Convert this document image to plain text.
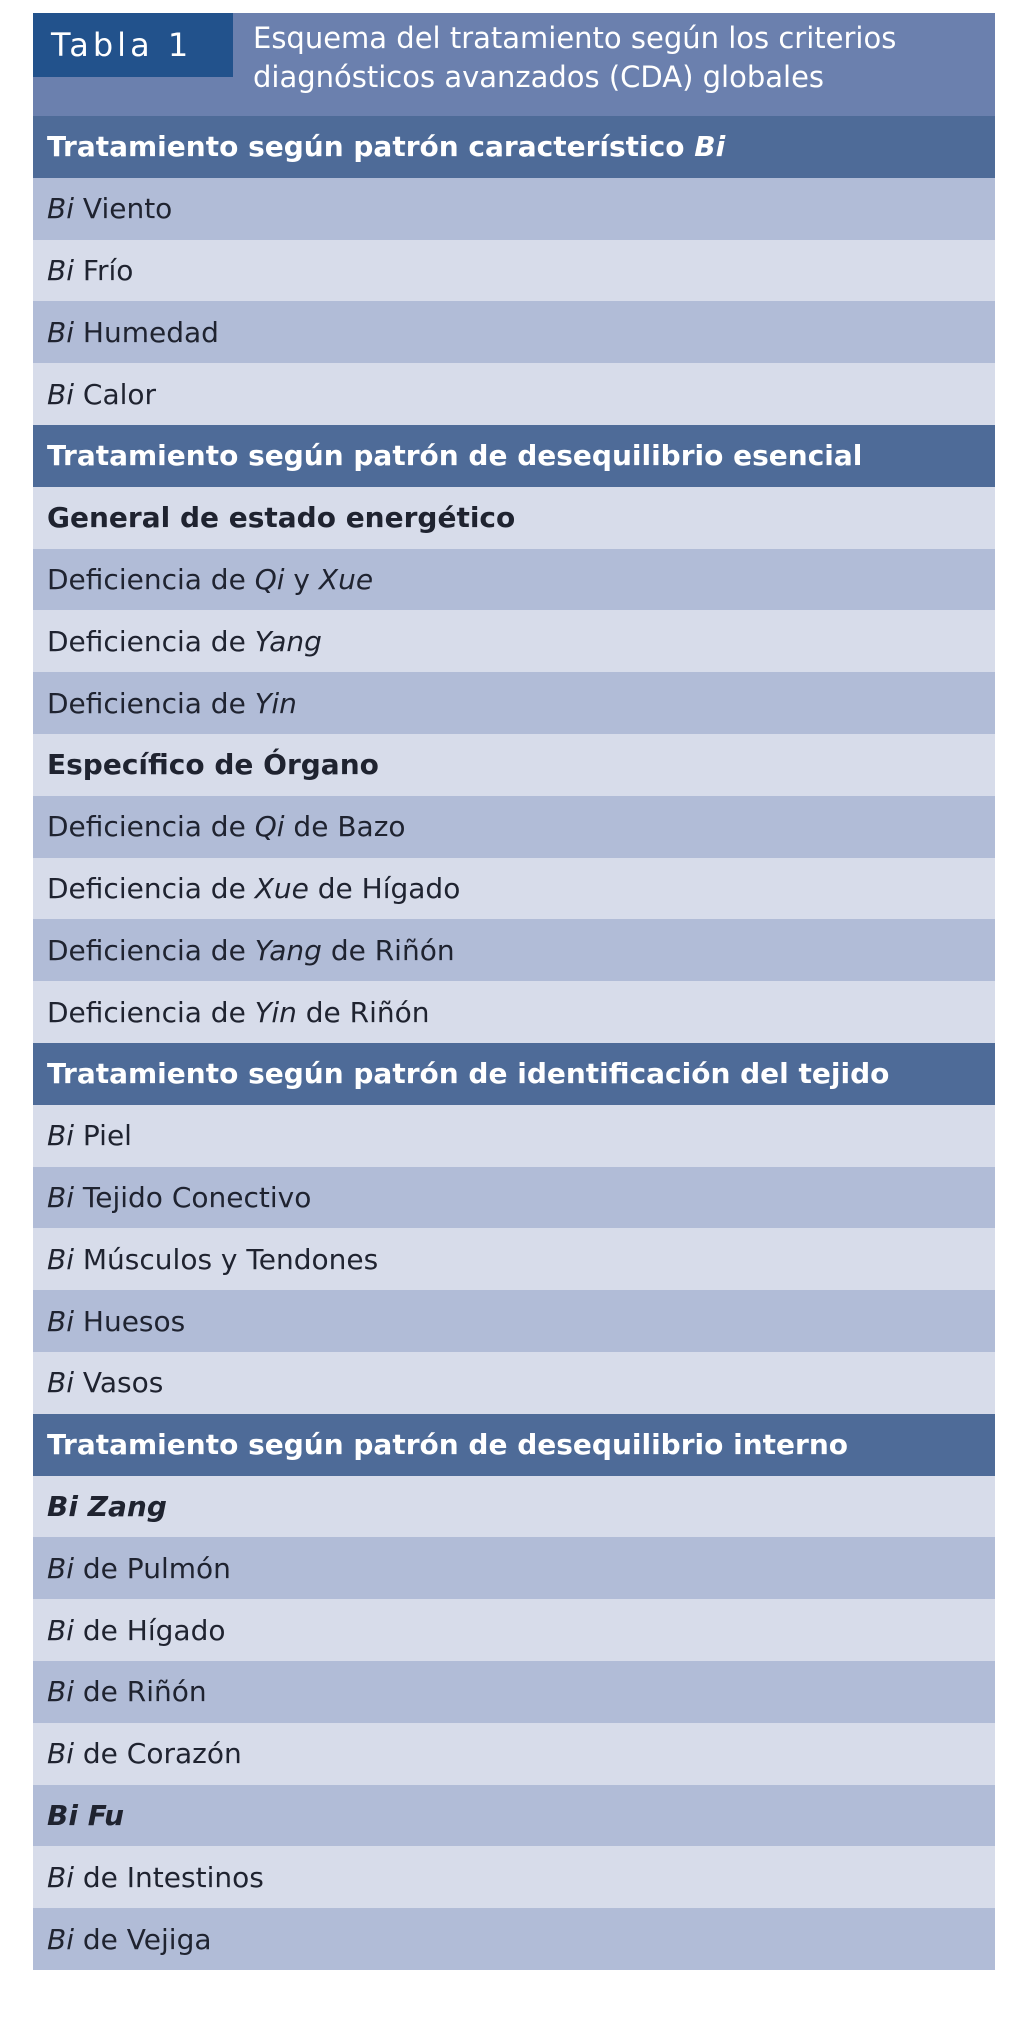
Tabla 1	Esquema del tratamiento según los criterios
diagnósticos avanzados (CDA) globales
Tratamiento según patrón característico Bi
Bi Viento
Bi Frío
Bi Humedad
Bi Calor
Tratamiento según patrón de desequilibrio esencial
General de estado energético
Deficiencia de Qi y Xue
Deficiencia de Yang
Deficiencia de Yin
Específico de Órgano
Deficiencia de Qi de Bazo
Deficiencia de Xue de Hígado
Deficiencia de Yang de Riñón
Deficiencia de Yin de Riñón
Tratamiento según patrón de identificación del tejido
Bi Piel
Bi Tejido Conectivo
Bi Músculos y Tendones
Bi Huesos
Bi Vasos
Tratamiento según patrón de desequilibrio interno
Bi Zang
Bi de Pulmón
Bi de Hígado
Bi de Riñón
Bi de Corazón
Bi Fu
Bi de Intestinos
Bi de Vejiga
